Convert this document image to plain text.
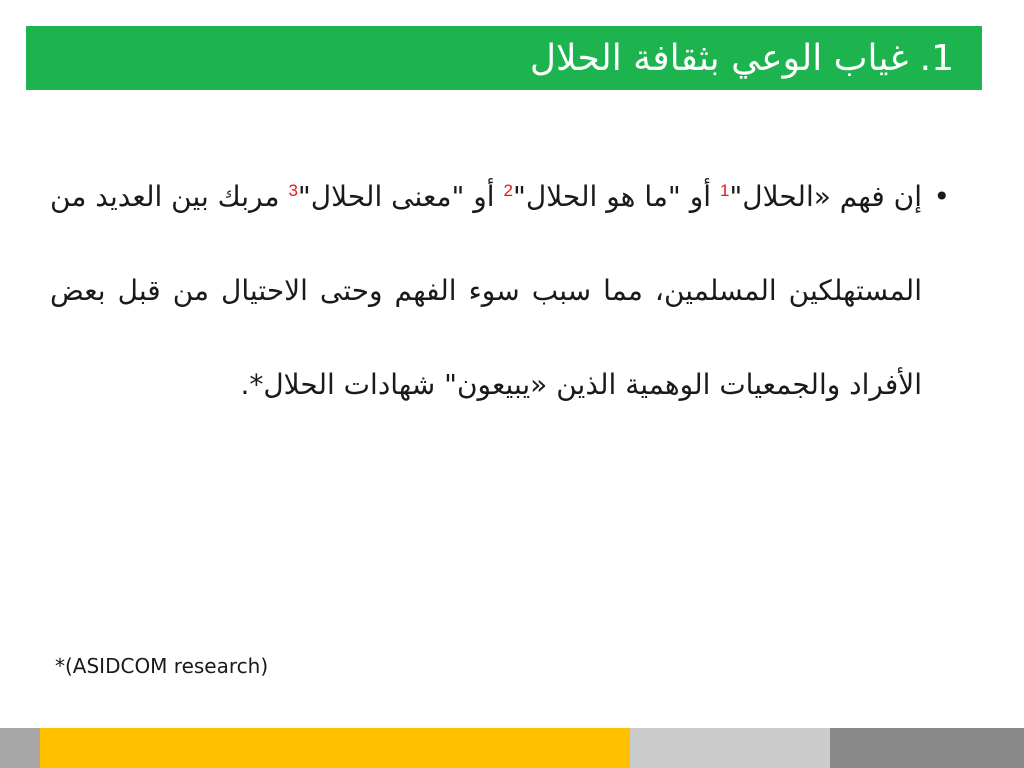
1. غياب الوعي بثقافة الحلال
•

إن فهم «الحلال"$^1$ أو "ما هو الحلال"$^2$ أو "معنى الحلال"$^3$ مربك بين العديد من المستهلكين المسلمين، مما سبب سوء الفهم وحتى الاحتيال من قبل بعض الأفراد والجمعيات الوهمية الذين «يبيعون" شهادات الحلال*.

*(ASIDCOM research)
